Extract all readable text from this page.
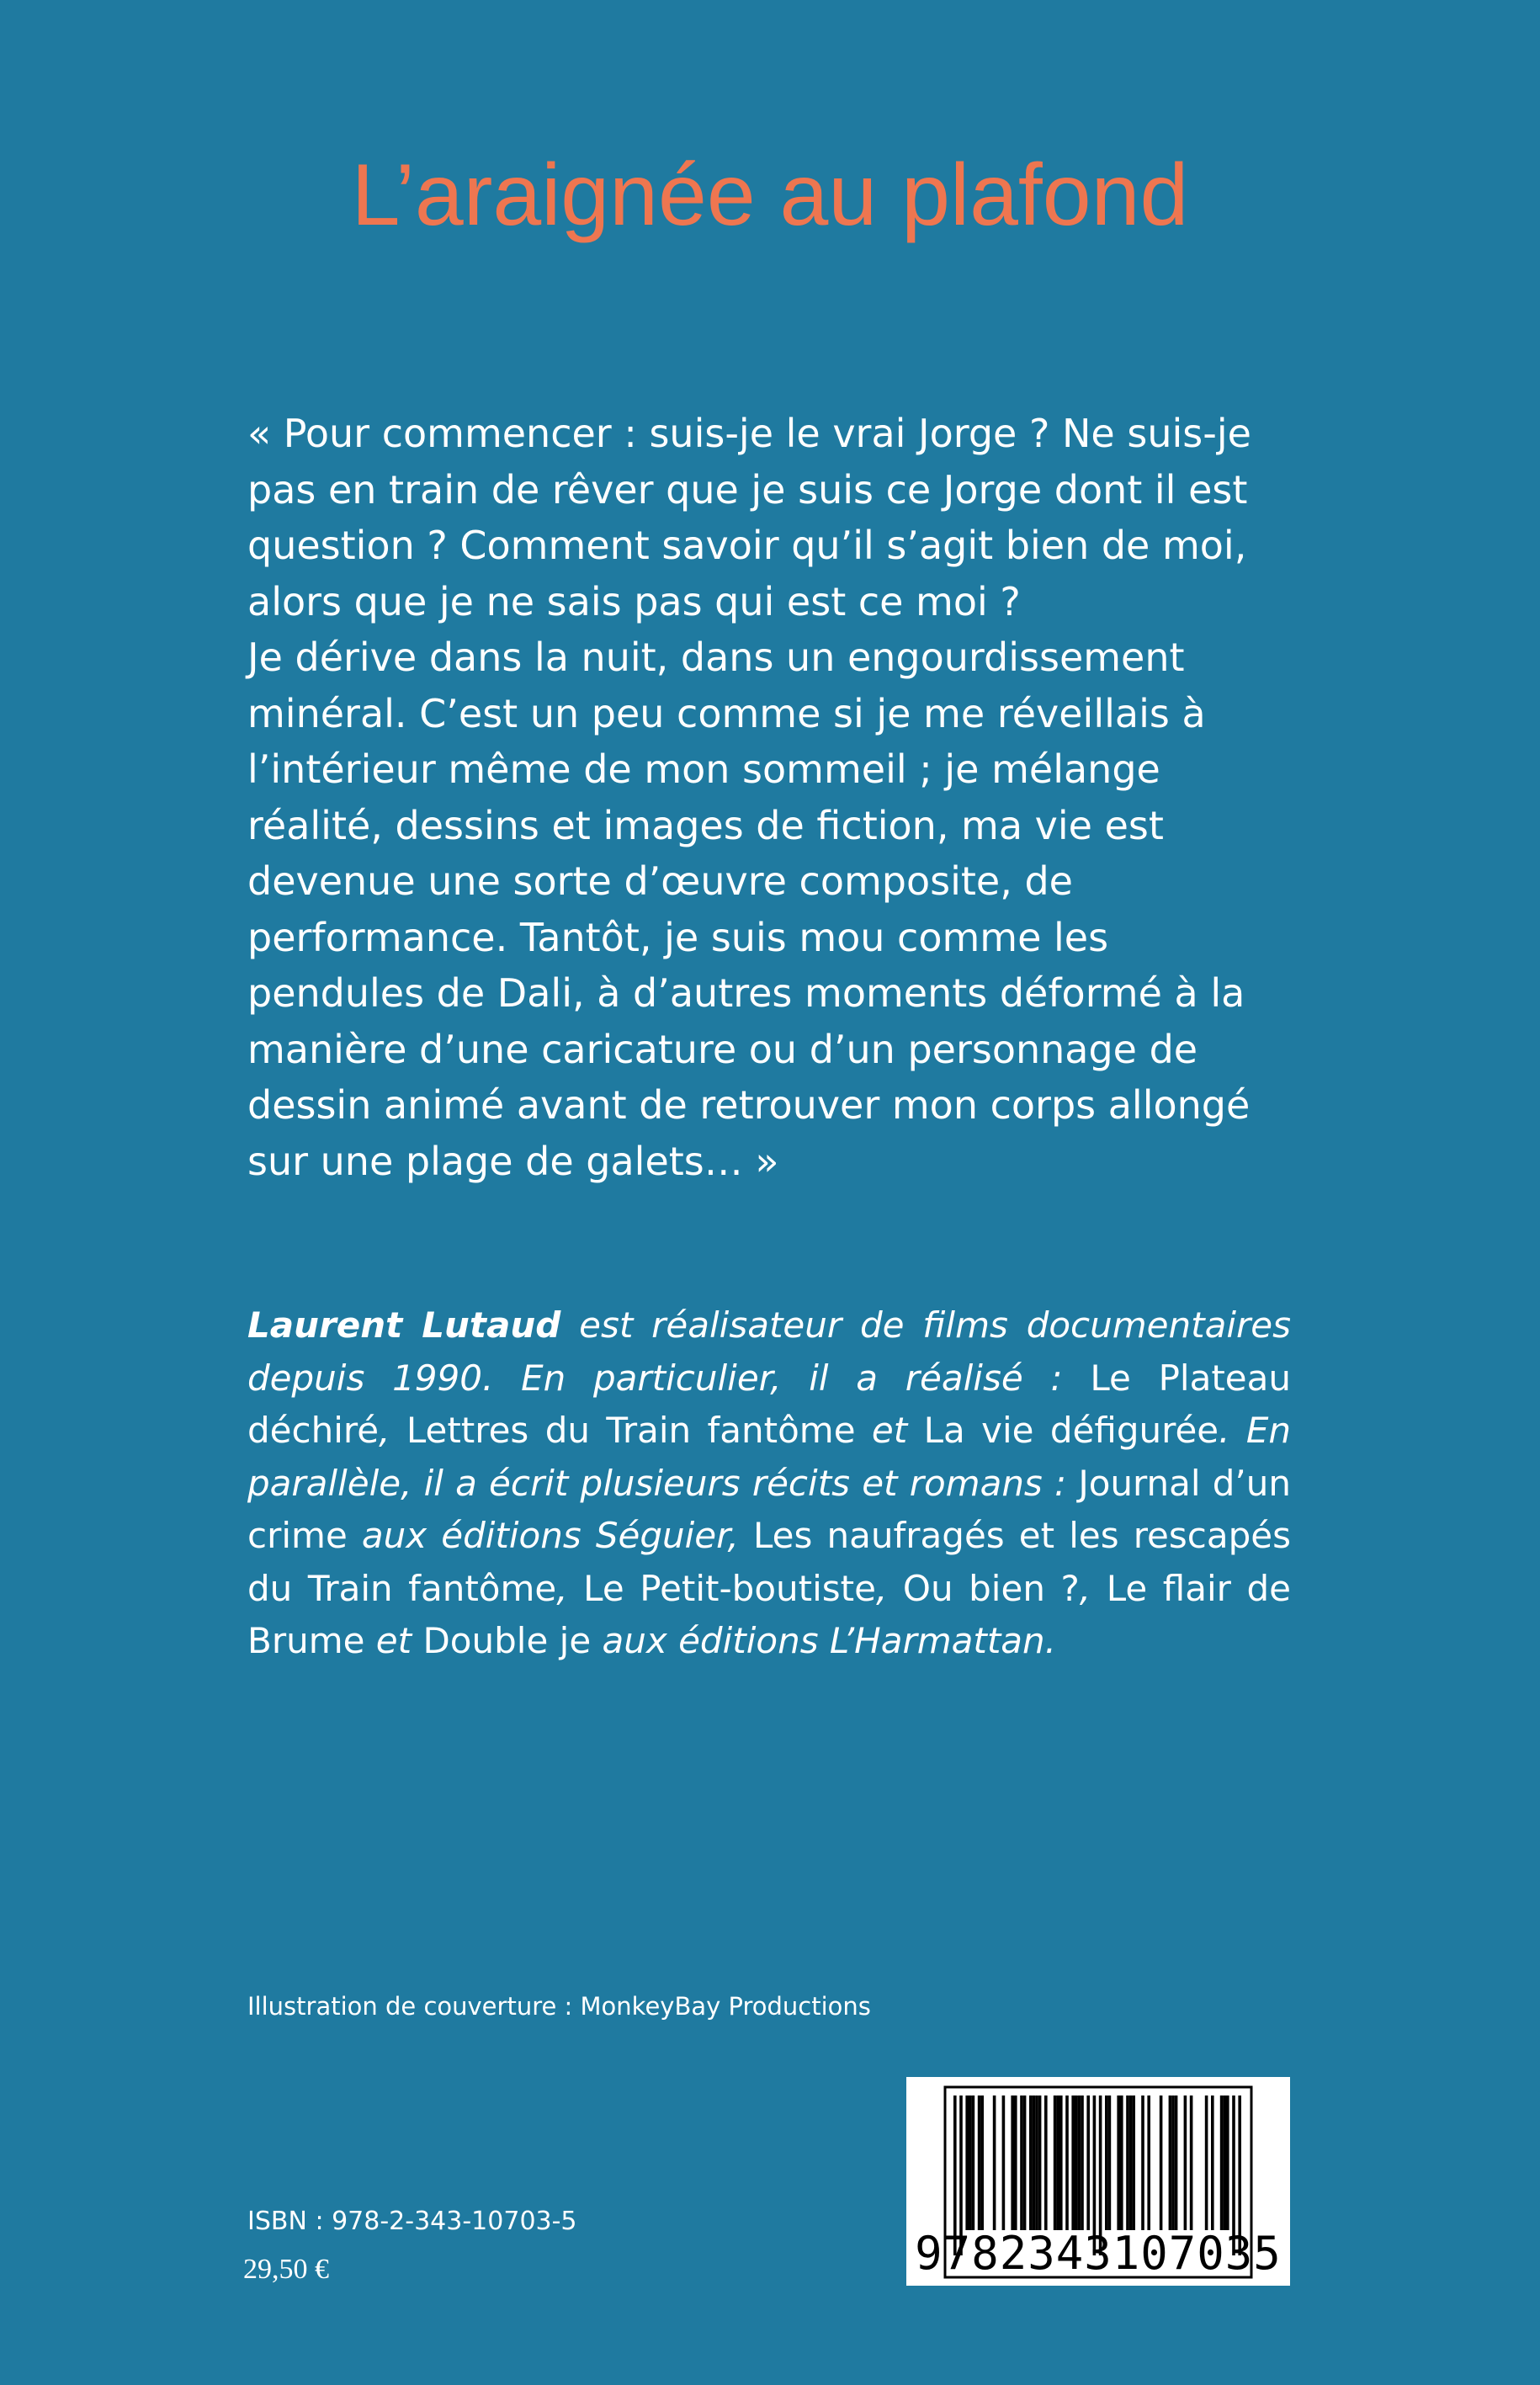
L’araignée au plafond

« Pour commencer : suis-je le vrai Jorge ? Ne suis-je pas en train de rêver que je suis ce Jorge dont il est question ? Comment savoir qu’il s’agit bien de moi, alors que je ne sais pas qui est ce moi ?

Je dérive dans la nuit, dans un engourdissement minéral. C’est un peu comme si je me réveillais à l’intérieur même de mon sommeil ; je mélange réalité, dessins et images de fiction, ma vie est devenue une sorte d’œuvre composite, de performance. Tantôt, je suis mou comme les pendules de Dali, à d’autres moments déformé à la manière d’une caricature ou d’un personnage de dessin animé avant de retrouver mon corps allongé sur une plage de galets… »

Laurent Lutaud est réalisateur de films documentaires depuis 1990. En particulier, il a réalisé : Le Plateau déchiré, Lettres du Train fantôme et La vie défigurée. En parallèle, il a écrit plusieurs récits et romans : Journal d’un crime aux éditions Séguier, Les naufragés et les rescapés du Train fantôme, Le Petit-boutiste, Ou bien ?, Le flair de Brume et Double je aux éditions L’Harmattan.
Illustration de couverture : MonkeyBay Productions
ISBN : 978-2-343-10703-5
29,50 €	9782343107035
